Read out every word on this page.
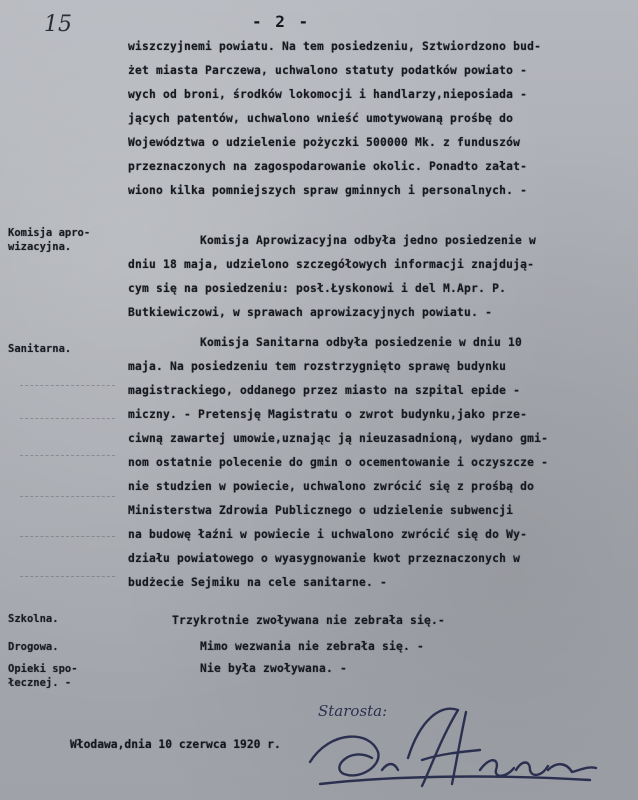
15	- 2 -
Komisja apro-
wizacyjna.
Sanitarna.
Szkolna.
Drogowa.
Opieki spo-
łecznej. -
wiszczyjnemi powiatu. Na tem posiedzeniu, Sztwiordzono bud-
żet miasta Parczewa, uchwalono statuty podatków powiato -
wych od broni, środków lokomocji i handlarzy,nieposiada -
jących patentów, uchwalono wnieść umotywowaną prośbę do
Województwa o udzielenie pożyczki 500000 Mk. z funduszów
przeznaczonych na zagospodarowanie okolic. Ponadto załat-
wiono kilka pomniejszych spraw gminnych i personalnych. -
Komisja Aprowizacyjna odbyła jedno posiedzenie w
dniu 18 maja, udzielono szczegółowych informacji znajdują-
cym się na posiedzeniu: posł.Łyskonowi i del M.Apr. P.
Butkiewiczowi, w sprawach aprowizacyjnych powiatu. -
Komisja Sanitarna odbyła posiedzenie w dniu 10
maja. Na posiedzeniu tem rozstrzygnięto sprawę budynku
magistrackiego, oddanego przez miasto na szpital epide -
miczny. - Pretensję Magistratu o zwrot budynku,jako prze-
ciwną zawartej umowie,uznając ją nieuzasadnioną, wydano gmi-
nom ostatnie polecenie do gmin o ocementowanie i oczyszcze -
nie studzien w powiecie, uchwalono zwrócić się z prośbą do
Ministerstwa Zdrowia Publicznego o udzielenie subwencji
na budowę łaźni w powiecie i uchwalono zwrócić się do Wy-
działu powiatowego o wyasygnowanie kwot przeznaczonych w
budżecie Sejmiku na cele sanitarne. -
Trzykrotnie zwoływana nie zebrała się.-
Mimo wezwania nie zebrała się. -
Nie była zwoływana. -
Włodawa,dnia 10 czerwca 1920 r.
Starosta:
